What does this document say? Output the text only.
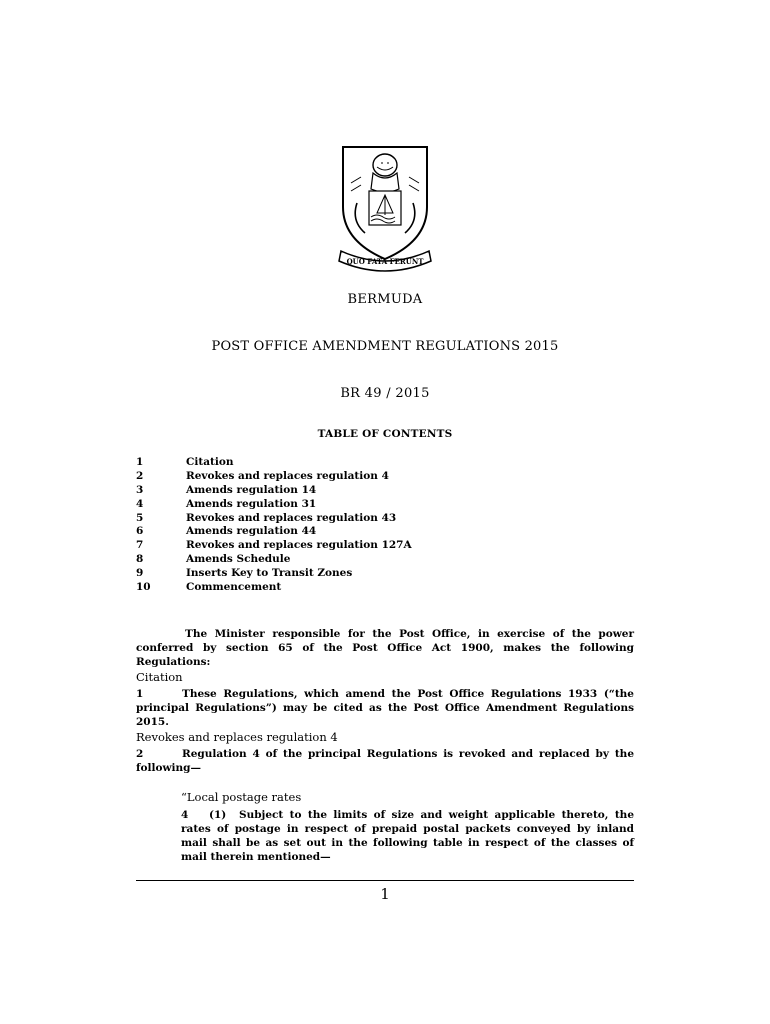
QUO FATA FERUNT
BERMUDA
POST OFFICE AMENDMENT REGULATIONS 2015
BR 49 / 2015
TABLE OF CONTENTS
1	Citation
2	Revokes and replaces regulation 4
3	Amends regulation 14
4	Amends regulation 31
5	Revokes and replaces regulation 43
6	Amends regulation 44
7	Revokes and replaces regulation 127A
8	Amends Schedule
9	Inserts Key to Transit Zones
10	Commencement
The Minister responsible for the Post Office, in exercise of the power conferred by section 65 of the Post Office Act 1900, makes the following Regulations:
Citation
1	These Regulations, which amend the Post Office Regulations 1933 (“the principal Regulations”) may be cited as the Post Office Amendment Regulations 2015.
Revokes and replaces regulation 4
2	Regulation 4 of the principal Regulations is revoked and replaced by the following—
“Local postage rates
4 (1) Subject to the limits of size and weight applicable thereto, the rates of postage in respect of prepaid postal packets conveyed by inland mail shall be as set out in the following table in respect of the classes of mail therein mentioned—
1
